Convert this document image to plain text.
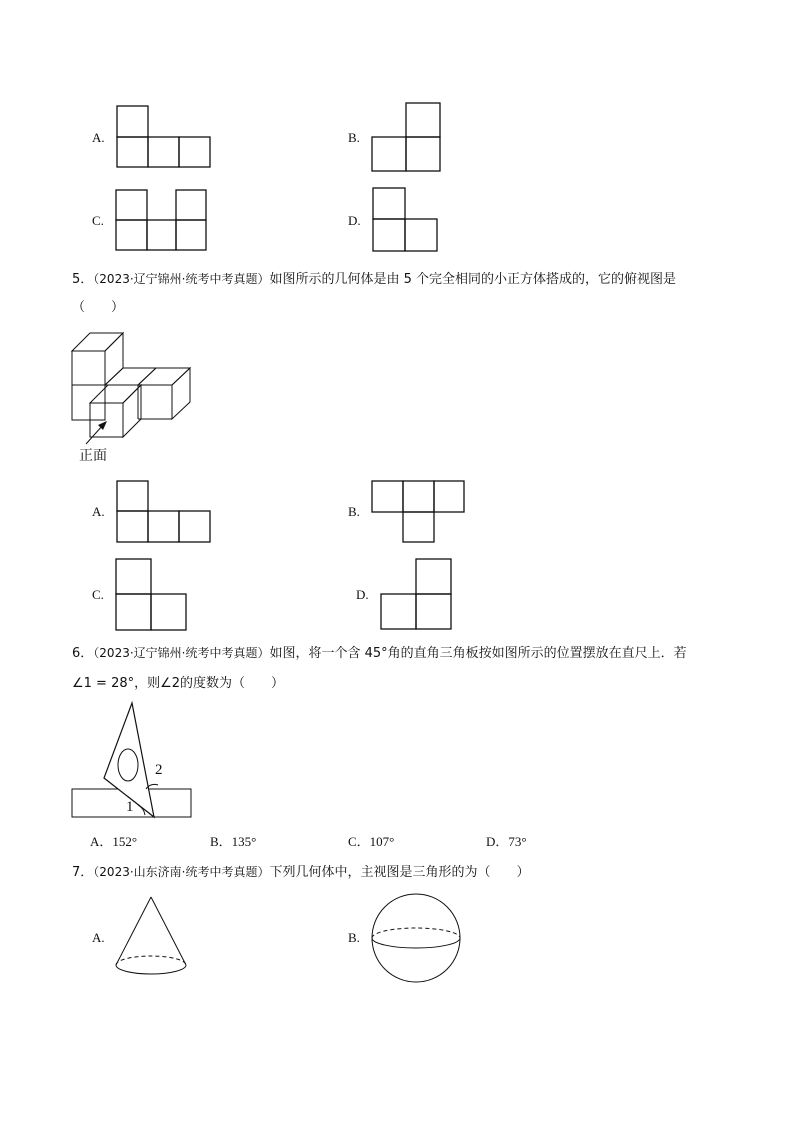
A.	B.
C.	D.
5．（2023·辽宁锦州·统考中考真题）如图所示的几何体是由 5 个完全相同的小正方体搭成的，它的俯视图是
（　　）
正面
A.	B.
C.	D.
6．（2023·辽宁锦州·统考中考真题）如图，将一个含 45°角的直角三角板按如图所示的位置摆放在直尺上．若
∠1 = 28°，则∠2的度数为（　　）
2
1
A．152°	B．135°	C．107°	D．73°
7．（2023·山东济南·统考中考真题）下列几何体中，主视图是三角形的为（　　）
A.	B.
